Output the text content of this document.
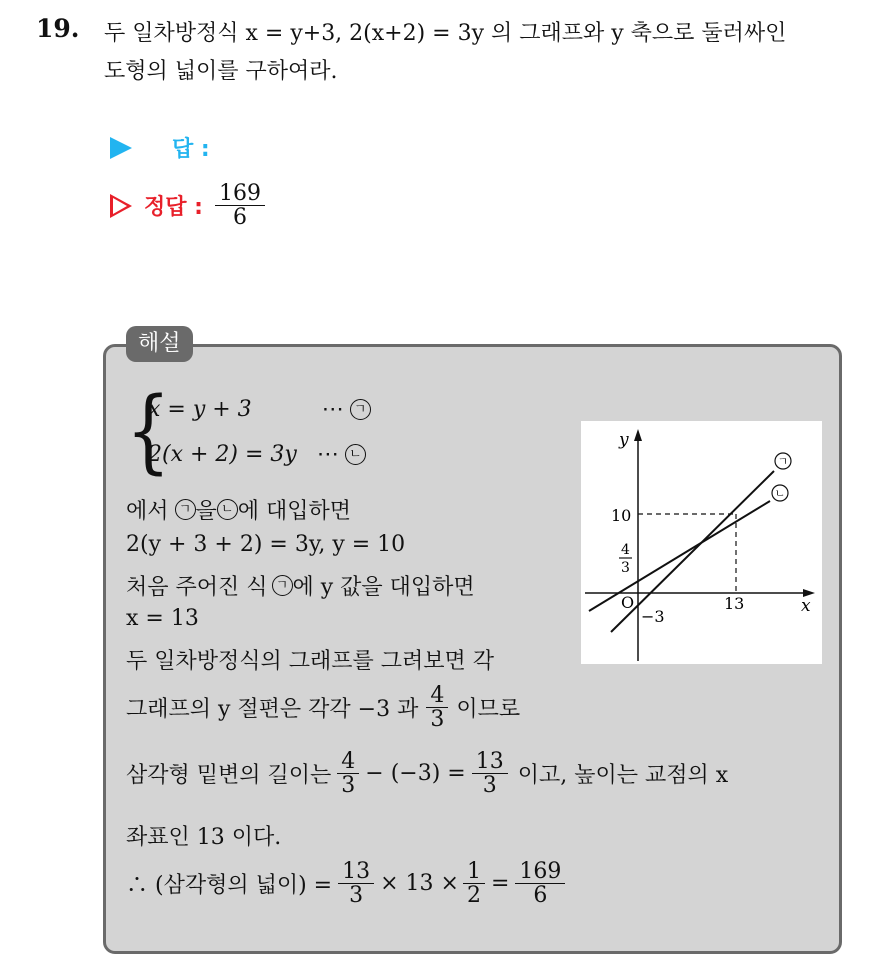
19. 두 일차방정식 x = y+3, 2(x+2) = 3y 의 그래프와 y 축으로 둘러싸인
도형의 넓이를 구하여라.
답 :
정답 : $\frac{169}{6}$
해설
{
x = y + 3	⋯ ㄱ
2(x + 2) = 3y ⋯ ㄴ
에서 ㄱ 을 ㄴ 에 대입하면
2(y + 3 + 2) = 3y, y = 10
처음 주어진 식 ㄱ 에 y 값을 대입하면
x = 13
두 일차방정식의 그래프를 그려보면 각
그래프의 y 절편은 각각 −3 과 $\frac{4}{3}$ 이므로
삼각형 밑변의 길이는 $\frac{4}{3} - (-3) = \frac{13}{3}$ 이고, 높이는 교점의 x
좌표인 13 이다.
∴ (삼각형의 넓이) = $\frac{13}{3} \times 13 \times \frac{1}{2} = \frac{169}{6}$
ㄱ
ㄴ
y
x
O
10
4
3
13
−3
